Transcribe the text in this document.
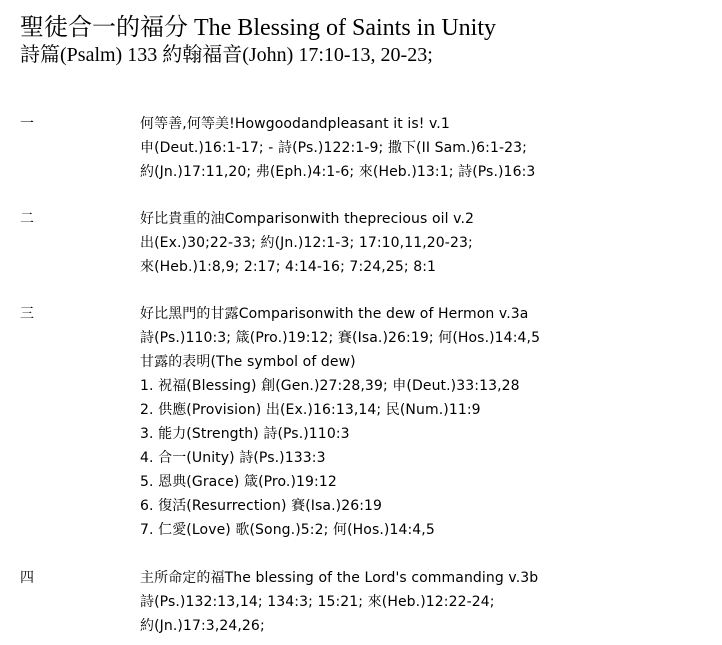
聖徒合一的福分 The Blessing of Saints in Unity
詩篇(Psalm) 133 約翰福音(John) 17:10-13, 20-23;
一	何等善,何等美!Howgoodandpleasant it is! v.1
申(Deut.)16:1-17; - 詩(Ps.)122:1-9; 撒下(II Sam.)6:1-23;
約(Jn.)17:11,20; 弗(Eph.)4:1-6; 來(Heb.)13:1; 詩(Ps.)16:3
二	好比貴重的油Comparisonwith theprecious oil v.2
出(Ex.)30;22-33; 約(Jn.)12:1-3; 17:10,11,20-23;
來(Heb.)1:8,9; 2:17; 4:14-16; 7:24,25; 8:1
三	好比黑門的甘露Comparisonwith the dew of Hermon v.3a
詩(Ps.)110:3; 箴(Pro.)19:12; 賽(Isa.)26:19; 何(Hos.)14:4,5
甘露的表明(The symbol of dew)
1. 祝福(Blessing) 創(Gen.)27:28,39; 申(Deut.)33:13,28
2. 供應(Provision) 出(Ex.)16:13,14; 民(Num.)11:9
3. 能力(Strength) 詩(Ps.)110:3
4. 合一(Unity) 詩(Ps.)133:3
5. 恩典(Grace) 箴(Pro.)19:12
6. 復活(Resurrection) 賽(Isa.)26:19
7. 仁愛(Love) 歌(Song.)5:2; 何(Hos.)14:4,5
四	主所命定的福The blessing of the Lord's commanding v.3b
詩(Ps.)132:13,14; 134:3; 15:21; 來(Heb.)12:22-24;
約(Jn.)17:3,24,26;
